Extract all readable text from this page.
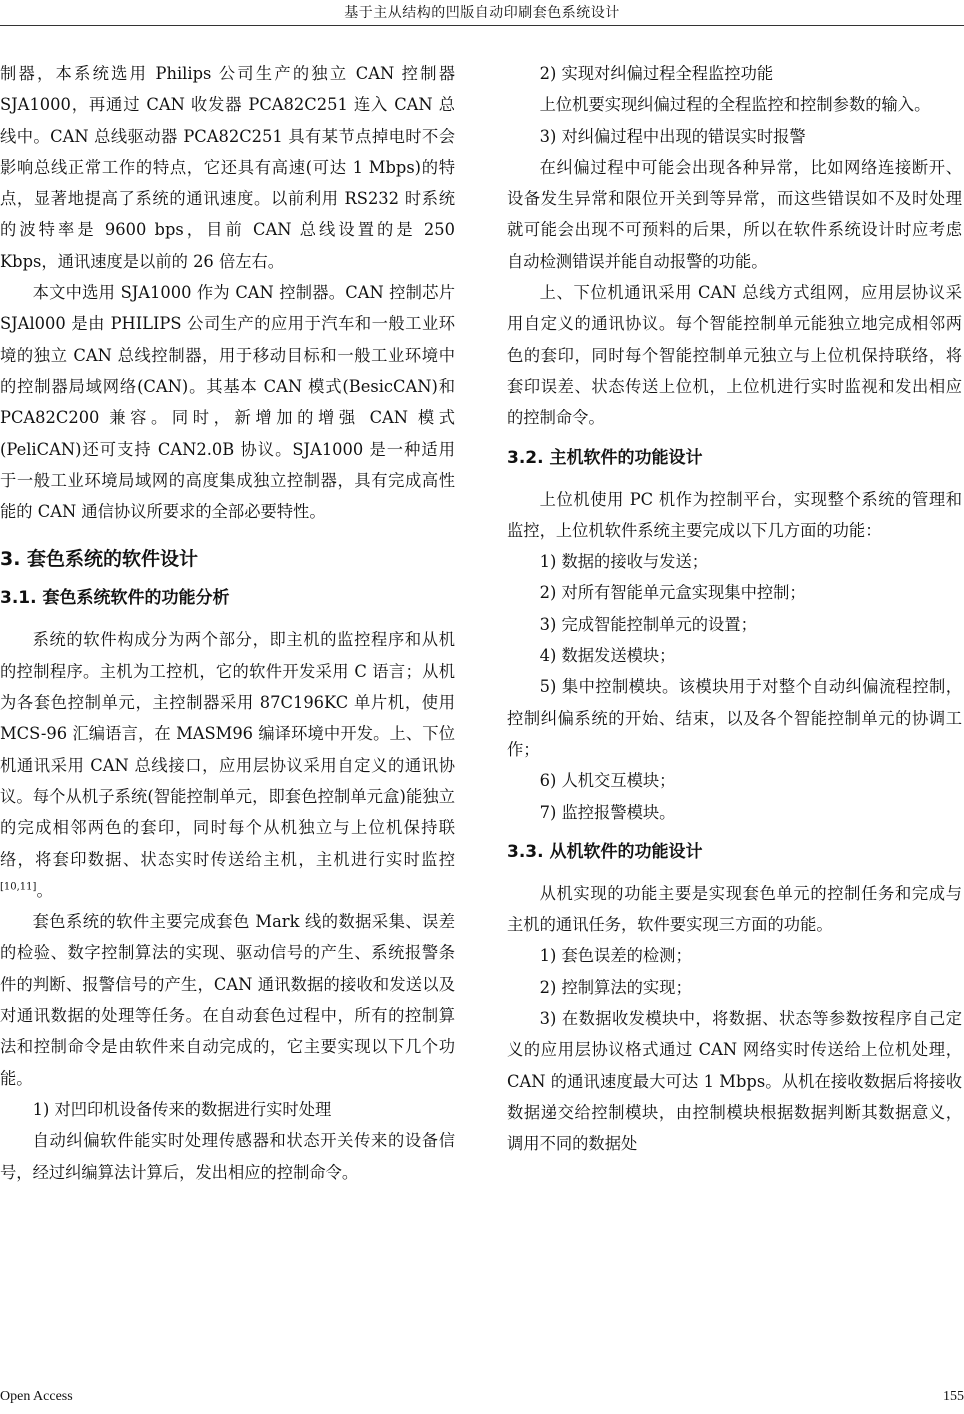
基于主从结构的凹版自动印刷套色系统设计

制器，本系统选用 Philips 公司生产的独立 CAN 控制器 SJA1000，再通过 CAN 收发器 PCA82C251 连入 CAN 总线中。CAN 总线驱动器 PCA82C251 具有某节点掉电时不会影响总线正常工作的特点，它还具有高速(可达 1 Mbps)的特点，显著地提高了系统的通讯速度。以前利用 RS232 时系统的波特率是 9600 bps，目前 CAN 总线设置的是 250 Kbps，通讯速度是以前的 26 倍左右。

本文中选用 SJA1000 作为 CAN 控制器。CAN 控制芯片 SJAl000 是由 PHILIPS 公司生产的应用于汽车和一般工业环境的独立 CAN 总线控制器，用于移动目标和一般工业环境中的控制器局域网络(CAN)。其基本 CAN 模式(BesicCAN)和 PCA82C200 兼容。同时，新增加的增强 CAN 模式(PeliCAN)还可支持 CAN2.0B 协议。SJA1000 是一种适用于一般工业环境局域网的高度集成独立控制器，具有完成高性能的 CAN 通信协议所要求的全部必要特性。

3. 套色系统的软件设计
3.1. 套色系统软件的功能分析

系统的软件构成分为两个部分，即主机的监控程序和从机的控制程序。主机为工控机，它的软件开发采用 C 语言；从机为各套色控制单元，主控制器采用 87C196KC 单片机，使用 MCS-96 汇编语言，在 MASM96 编译环境中开发。上、下位机通讯采用 CAN 总线接口，应用层协议采用自定义的通讯协议。每个从机子系统(智能控制单元，即套色控制单元盒)能独立的完成相邻两色的套印，同时每个从机独立与上位机保持联络，将套印数据、状态实时传送给主机，主机进行实时监控[10,11]。

套色系统的软件主要完成套色 Mark 线的数据采集、误差的检验、数字控制算法的实现、驱动信号的产生、系统报警条件的判断、报警信号的产生，CAN 通讯数据的接收和发送以及对通讯数据的处理等任务。在自动套色过程中，所有的控制算法和控制命令是由软件来自动完成的，它主要实现以下几个功能。

1) 对凹印机设备传来的数据进行实时处理

自动纠偏软件能实时处理传感器和状态开关传来的设备信号，经过纠编算法计算后，发出相应的控制命令。

2) 实现对纠偏过程全程监控功能

上位机要实现纠偏过程的全程监控和控制参数的输入。

3) 对纠偏过程中出现的错误实时报警

在纠偏过程中可能会出现各种异常，比如网络连接断开、设备发生异常和限位开关到等异常，而这些错误如不及时处理就可能会出现不可预料的后果，所以在软件系统设计时应考虑自动检测错误并能自动报警的功能。

上、下位机通讯采用 CAN 总线方式组网，应用层协议采用自定义的通讯协议。每个智能控制单元能独立地完成相邻两色的套印，同时每个智能控制单元独立与上位机保持联络，将套印误差、状态传送上位机，上位机进行实时监视和发出相应的控制命令。

3.2. 主机软件的功能设计

上位机使用 PC 机作为控制平台，实现整个系统的管理和监控，上位机软件系统主要完成以下几方面的功能：

1) 数据的接收与发送；

2) 对所有智能单元盒实现集中控制；

3) 完成智能控制单元的设置；

4) 数据发送模块；

5) 集中控制模块。该模块用于对整个自动纠偏流程控制，控制纠偏系统的开始、结束，以及各个智能控制单元的协调工作；

6) 人机交互模块；

7) 监控报警模块。

3.3. 从机软件的功能设计

从机实现的功能主要是实现套色单元的控制任务和完成与主机的通讯任务，软件要实现三方面的功能。

1) 套色误差的检测；

2) 控制算法的实现；

3) 在数据收发模块中，将数据、状态等参数按程序自己定义的应用层协议格式通过 CAN 网络实时传送给上位机处理，CAN 的通讯速度最大可达 1 Mbps。从机在接收数据后将接收数据递交给控制模块，由控制模块根据数据判断其数据意义，调用不同的数据处

Open Access	155
